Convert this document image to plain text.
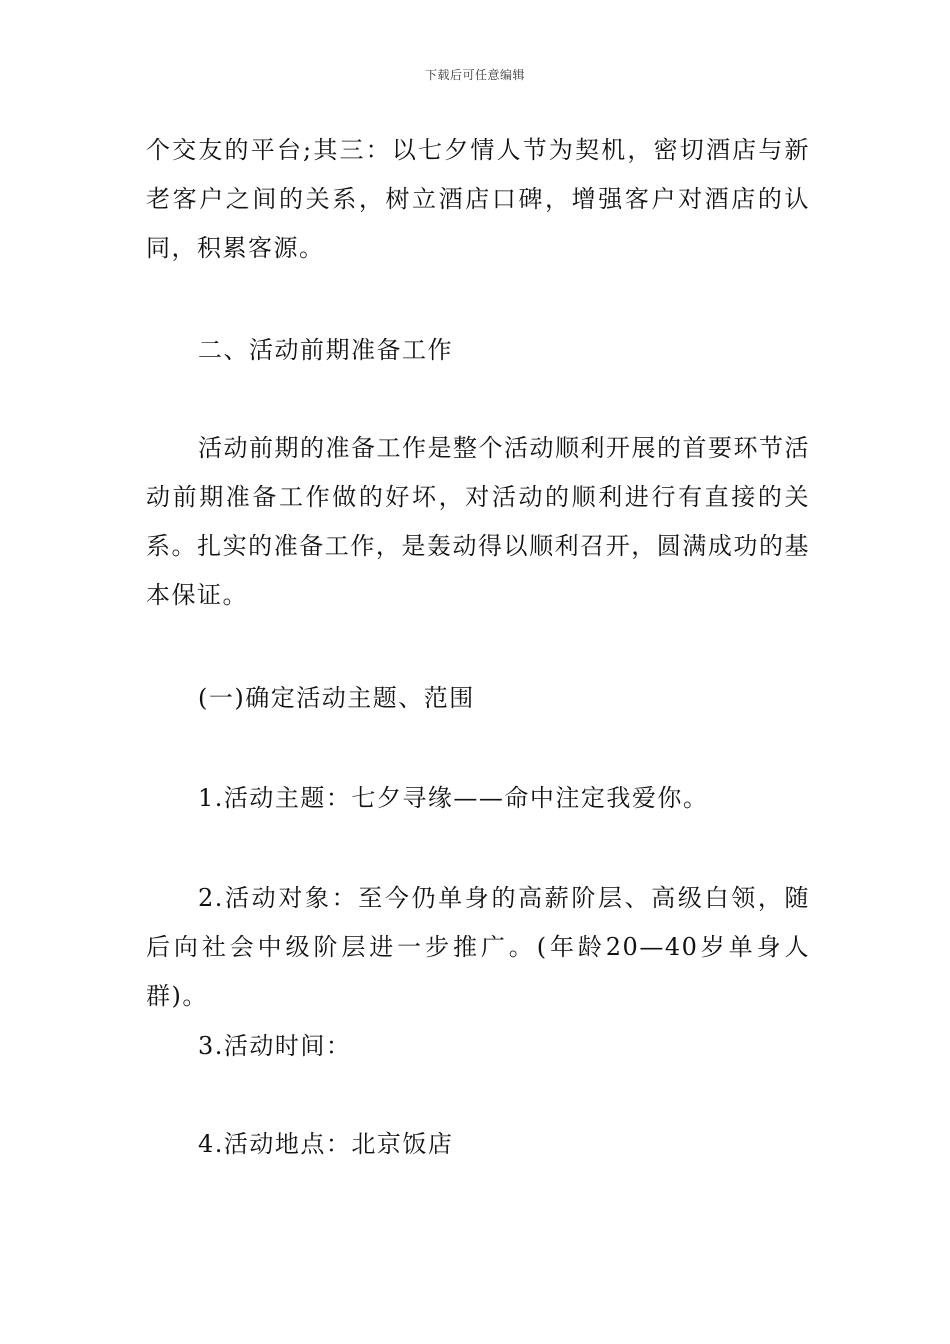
下载后可任意编辑

个交友的平台;其三：以七夕情人节为契机，密切酒店与新老客户之间的关系，树立酒店口碑，增强客户对酒店的认同，积累客源。

二、活动前期准备工作

活动前期的准备工作是整个活动顺利开展的首要环节活动前期准备工作做的好坏，对活动的顺利进行有直接的关系。扎实的准备工作，是轰动得以顺利召开，圆满成功的基本保证。

(一)确定活动主题、范围

1.活动主题：七夕寻缘——命中注定我爱你。

2.活动对象：至今仍单身的高薪阶层、高级白领，随后向社会中级阶层进一步推广。(年龄20—40岁单身人群)。

3.活动时间：

4.活动地点：北京饭店
